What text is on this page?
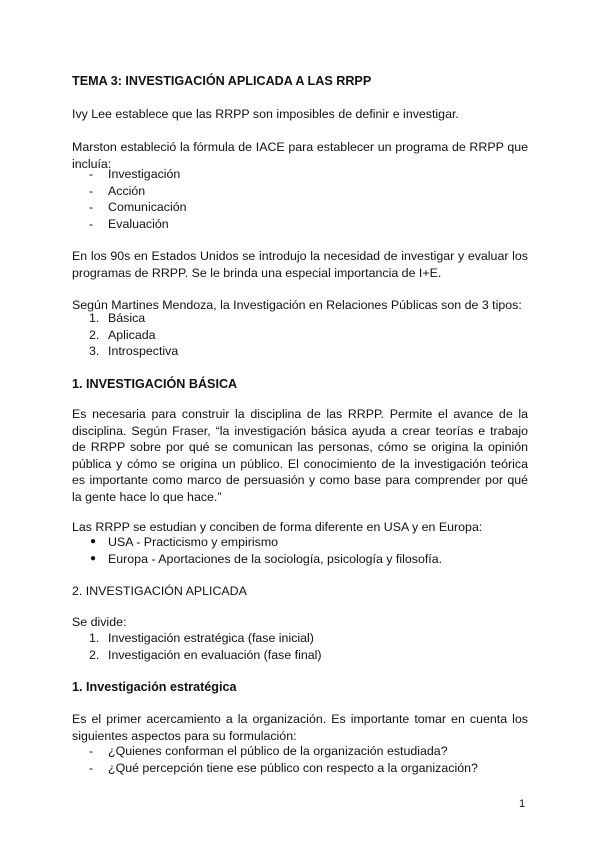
TEMA 3: INVESTIGACIÓN APLICADA A LAS RRPP

Ivy Lee establece que las RRPP son imposibles de definir e investigar.

Marston estableció la fórmula de IACE para establecer un programa de RRPP que incluía:

-	Investigación
-	Acción
-	Comunicación
-	Evaluación

En los 90s en Estados Unidos se introdujo la necesidad de investigar y evaluar los programas de RRPP. Se le brinda una especial importancia de I+E.

Según Martines Mendoza, la Investigación en Relaciones Públicas son de 3 tipos:

1. Básica
2. Aplicada
3. Introspectiva

1. INVESTIGACIÓN BÁSICA

Es necesaria para construir la disciplina de las RRPP. Permite el avance de la disciplina. Según Fraser, “la investigación básica ayuda a crear teorías e trabajo de RRPP sobre por qué se comunican las personas, cómo se origina la opinión pública y cómo se origina un público. El conocimiento de la investigación teórica es importante como marco de persuasión y como base para comprender por qué la gente hace lo que hace.”

Las RRPP se estudian y conciben de forma diferente en USA y en Europa:

● USA - Practicismo y empirismo
● Europa - Aportaciones de la sociología, psicología y filosofía.

2. INVESTIGACIÓN APLICADA

Se divide:

1. Investigación estratégica (fase inicial)
2. Investigación en evaluación (fase final)

1. Investigación estratégica

Es el primer acercamiento a la organización. Es importante tomar en cuenta los siguientes aspectos para su formulación:

-	¿Quienes conforman el público de la organización estudiada?
-	¿Qué percepción tiene ese público con respecto a la organización?
1
